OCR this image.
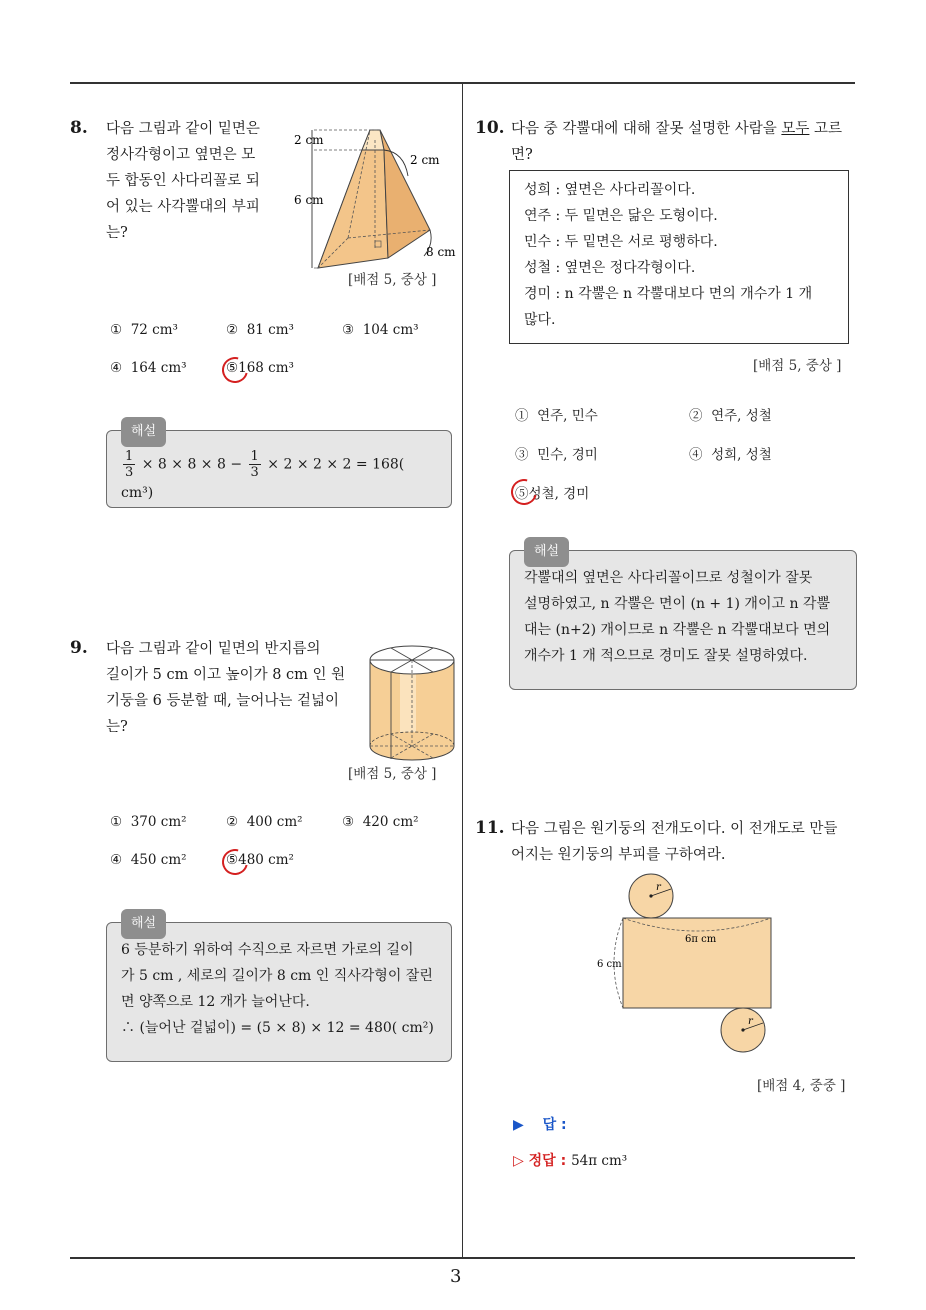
3
8. 다음 그림과 같이 밑면은
정사각형이고 옆면은 모
두 합동인 사다리꼴로 되
어 있는 사각뿔대의 부피
는?
2 cm
2 cm
6 cm
8 cm
[배점 5, 중상 ]
① 72 cm³	② 81 cm³	③ 104 cm³
④ 164 cm³	⑤168 cm³
해설
$\frac{1}{3} \times 8 \times 8 \times 8 - \frac{1}{3} \times 2 \times 2 \times 2 = 168$( cm³)
9. 다음 그림과 같이 밑면의 반지름의
길이가 5 cm 이고 높이가 8 cm 인 원
기둥을 6 등분할 때, 늘어나는 겉넓이
는?
[배점 5, 중상 ]
① 370 cm²	② 400 cm²	③ 420 cm²
④ 450 cm²	⑤480 cm²
해설
6 등분하기 위하여 수직으로 자르면 가로의 길이
가 5 cm , 세로의 길이가 8 cm 인 직사각형이 잘린
면 양쪽으로 12 개가 늘어난다.
∴ (늘어난 겉넓이) = (5 × 8) × 12 = 480( cm²)
10. 다음 중 각뿔대에 대해 잘못 설명한 사람을 모두 고르
면?
성희 : 옆면은 사다리꼴이다.
연주 : 두 밑면은 닮은 도형이다.
민수 : 두 밑면은 서로 평행하다.
성철 : 옆면은 정다각형이다.
경미 : n 각뿔은 n 각뿔대보다 면의 개수가 1 개
많다.
[배점 5, 중상 ]
① 연주, 민수	② 연주, 성철
③ 민수, 경미	④ 성희, 성철
⑤성철, 경미
해설
각뿔대의 옆면은 사다리꼴이므로 성철이가 잘못
설명하였고, n 각뿔은 면이 (n + 1) 개이고 n 각뿔
대는 (n+2) 개이므로 n 각뿔은 n 각뿔대보다 면의
개수가 1 개 적으므로 경미도 잘못 설명하였다.
11. 다음 그림은 원기둥의 전개도이다. 이 전개도로 만들
어지는 원기둥의 부피를 구하여라.
r
6π cm
6 cm
r
[배점 4, 중중 ]
▶ 답 :
▷ 정답 : 54π cm³
